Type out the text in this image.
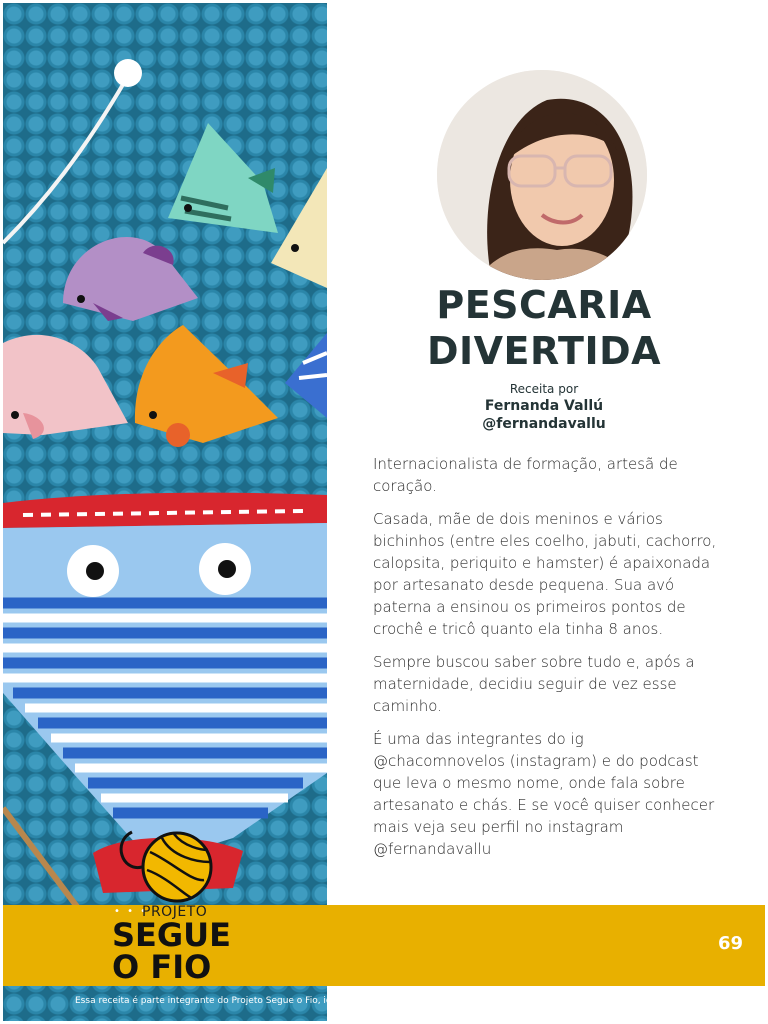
PESCARIA
DIVERTIDA
Receita por
Fernanda Vallú
@fernandavallu

Internacionalista de formação, artesã de coração.

Casada, mãe de dois meninos e vários bichinhos (entre eles coelho, jabuti, cachorro, calopsita, periquito e hamster) é apaixonada por artesanato desde pequena. Sua avó paterna a ensinou os primeiros pontos de crochê e tricô quanto ela tinha 8 anos.

Sempre buscou saber sobre tudo e, após a maternidade, decidiu seguir de vez esse caminho.

É uma das integrantes do ig @chacomnovelos (instagram) e do podcast que leva o mesmo nome, onde fala sobre artesanato e chás. E se você quiser conhecer mais veja seu perfil no instagram @fernandavallu

69
• • •
PROJETO
SEGUE
O FIO
Essa receita é parte integrante do Projeto Segue o Fio, idealizado e organizado por Fernanda Frias @fio_feitoamao ®
